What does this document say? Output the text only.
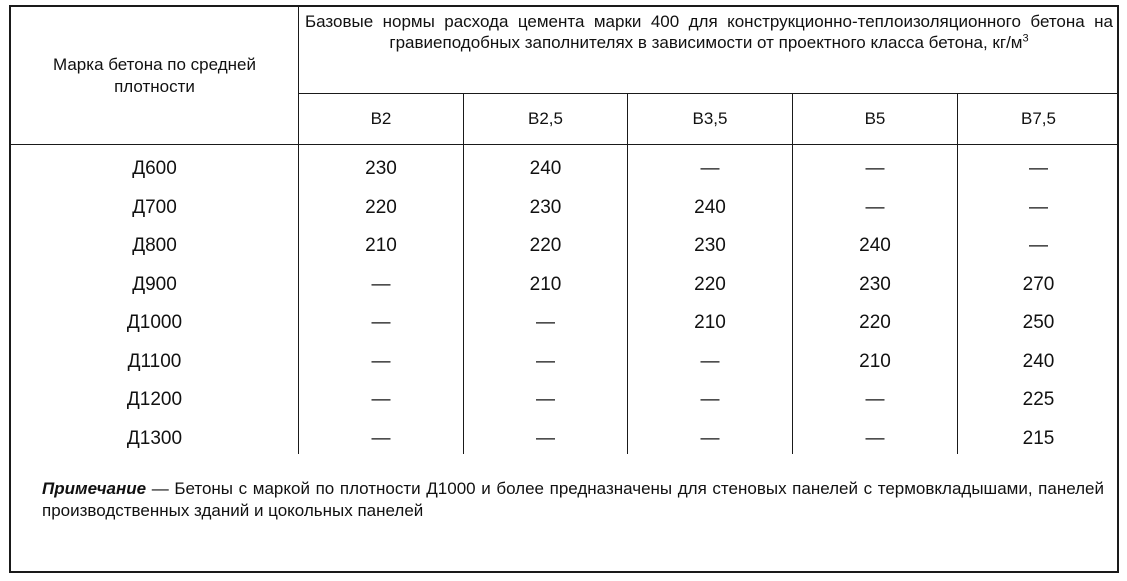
Марка бетона по средней плотности
Базовые нормы расхода цемента марки 400 для конструкционно-теплоизоляционного бетона на гравиеподобных заполнителях в зависимости от проектного класса бетона, $кг/м^3$
В2	В2,5	В3,5	В5	В7,5
Д600	230	240	—	—	—
Д700	220	230	240	—	—
Д800	210	220	230	240	—
Д900	—	210	220	230	270
Д1000	—	—	210	220	250
Д1100	—	—	—	210	240
Д1200	—	—	—	—	225
Д1300	—	—	—	—	215
Примечание — Бетоны с маркой по плотности Д1000 и более предназначены для стеновых панелей с термовкладышами, панелей производственных зданий и цокольных панелей
